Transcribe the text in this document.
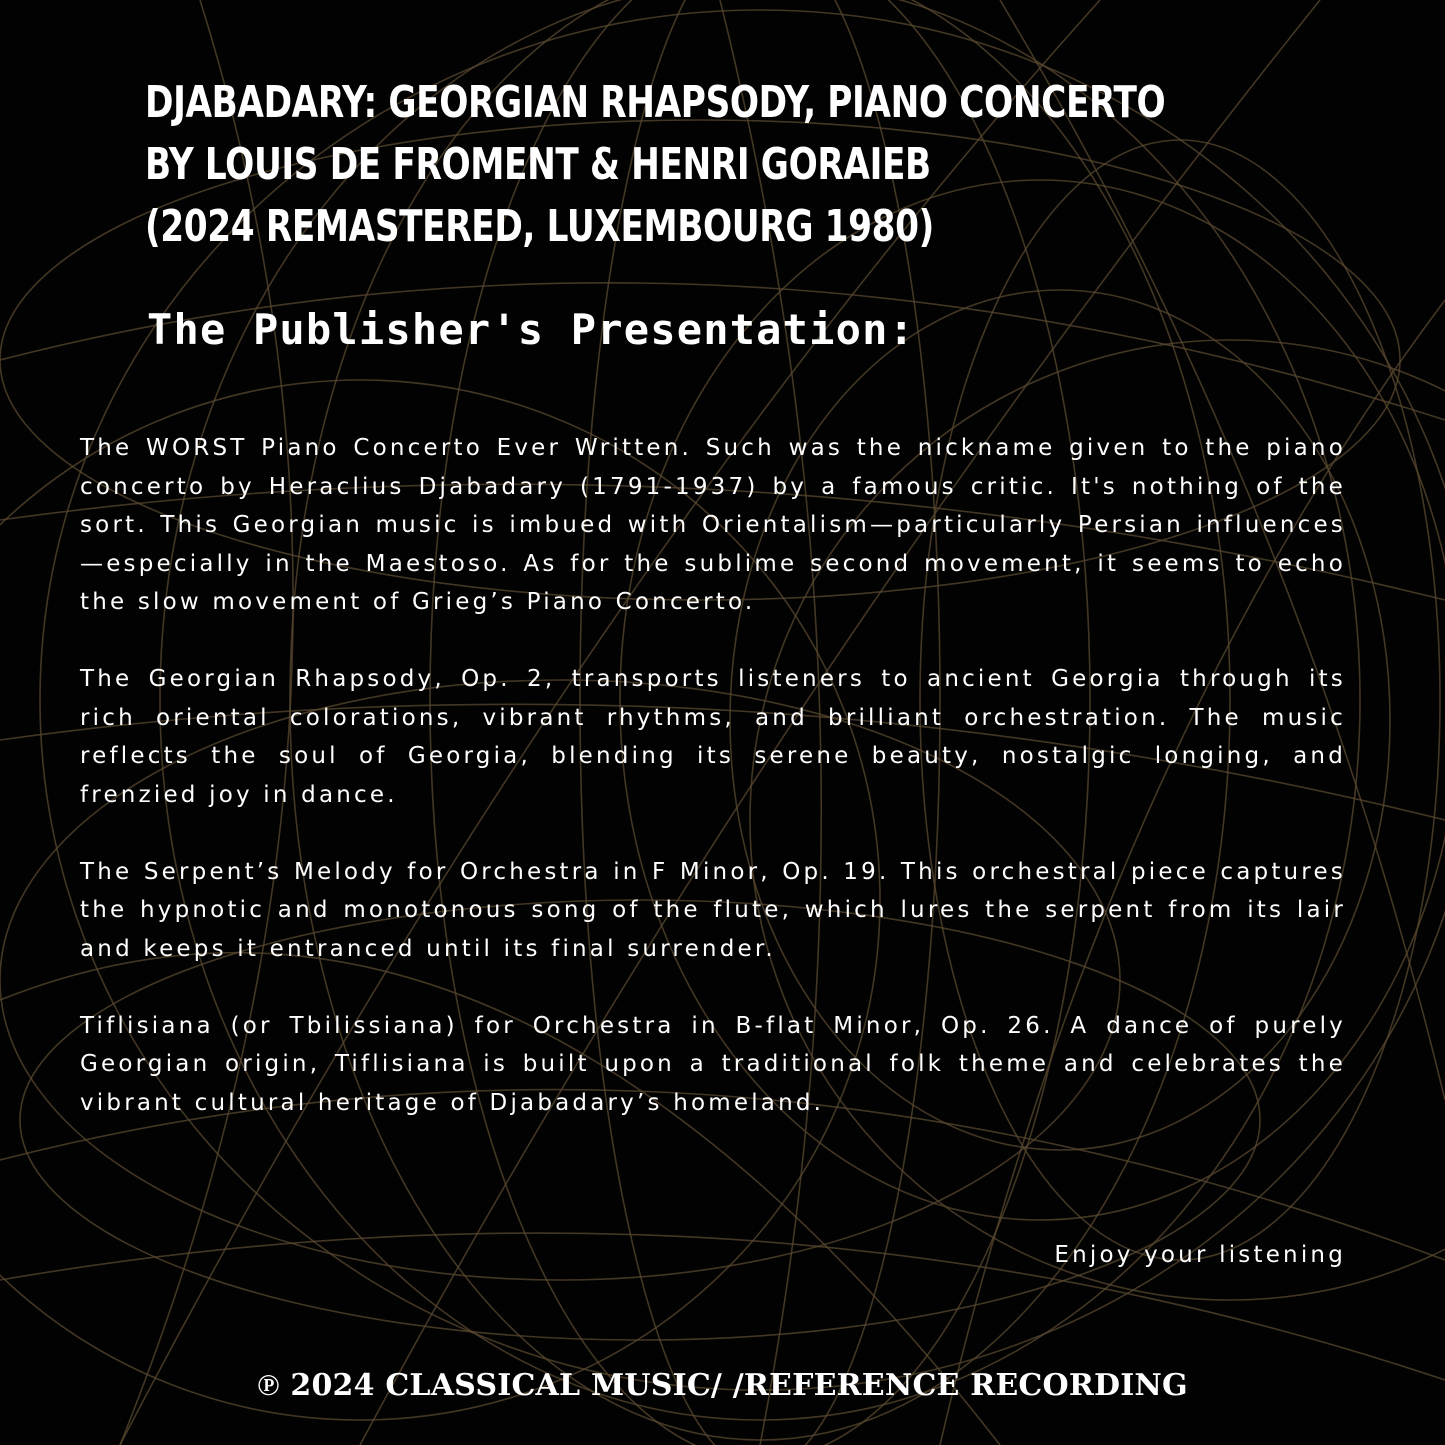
DJABADARY: GEORGIAN RHAPSODY, PIANO CONCERTO
BY LOUIS DE FROMENT & HENRI GORAIEB
(2024 REMASTERED, LUXEMBOURG 1980)
The Publisher's Presentation:

The WORST Piano Concerto Ever Written. Such was the nickname given to the piano concerto by Heraclius Djabadary (1791-1937) by a famous critic. It's nothing of the sort. This Georgian music is imbued with Orientalism—particularly Persian influences—especially in the Maestoso. As for the sublime second movement, it seems to echo the slow movement of Grieg’s Piano Concerto.

The Georgian Rhapsody, Op. 2, transports listeners to ancient Georgia through its rich oriental colorations, vibrant rhythms, and brilliant orchestration. The music reflects the soul of Georgia, blending its serene beauty, nostalgic longing, and frenzied joy in dance.

The Serpent’s Melody for Orchestra in F Minor, Op. 19. This orchestral piece captures the hypnotic and monotonous song of the flute, which lures the serpent from its lair and keeps it entranced until its final surrender.

Tiflisiana (or Tbilissiana) for Orchestra in B-flat Minor, Op. 26. A dance of purely Georgian origin, Tiflisiana is built upon a traditional folk theme and celebrates the vibrant cultural heritage of Djabadary’s homeland.

Enjoy your listening
℗ 2024 CLASSICAL MUSIC/ /REFERENCE RECORDING
